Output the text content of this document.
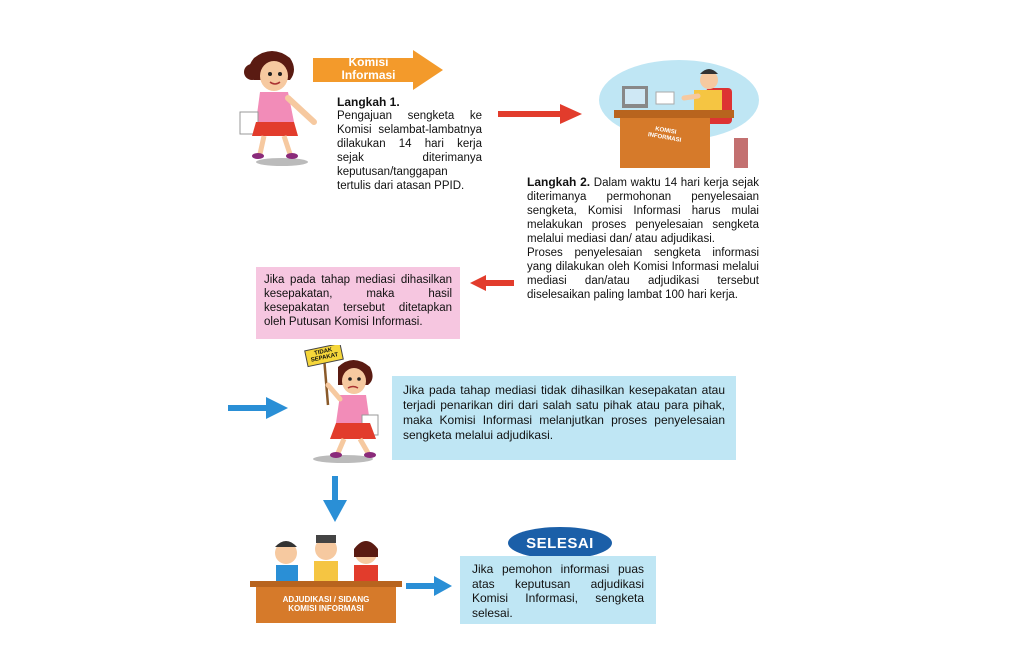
Komisi
Informasi
Langkah 1.
Pengajuan sengketa ke Komisi selambat-lambatnya dilakukan 14 hari kerja sejak diterimanya keputusan/tanggapan tertulis dari atasan PPID.
KOMISI
INFORMASI
Langkah 2. Dalam waktu 14 hari kerja sejak diterimanya permohonan penyelesaian sengketa, Komisi Informasi harus mulai melakukan proses penyelesaian sengketa melalui mediasi dan/ atau adjudikasi.
Proses penyelesaian sengketa informasi yang dilakukan oleh Komisi Informasi melalui mediasi dan/atau adjudikasi tersebut diselesaikan paling lambat 100 hari kerja.
Jika pada tahap mediasi dihasilkan kesepakatan, maka hasil kesepakatan tersebut ditetapkan oleh Putusan Komisi Informasi.
TIDAK
SEPAKAT
Jika pada tahap mediasi tidak dihasilkan kesepakatan atau terjadi penarikan diri dari salah satu pihak atau para pihak, maka Komisi Informasi melanjutkan proses penyelesaian sengketa melalui adjudikasi.
ADJUDIKASI / SIDANG
KOMISI INFORMASI
SELESAI
Jika pemohon informasi puas atas keputusan adjudikasi Komisi Informasi, sengketa selesai.
